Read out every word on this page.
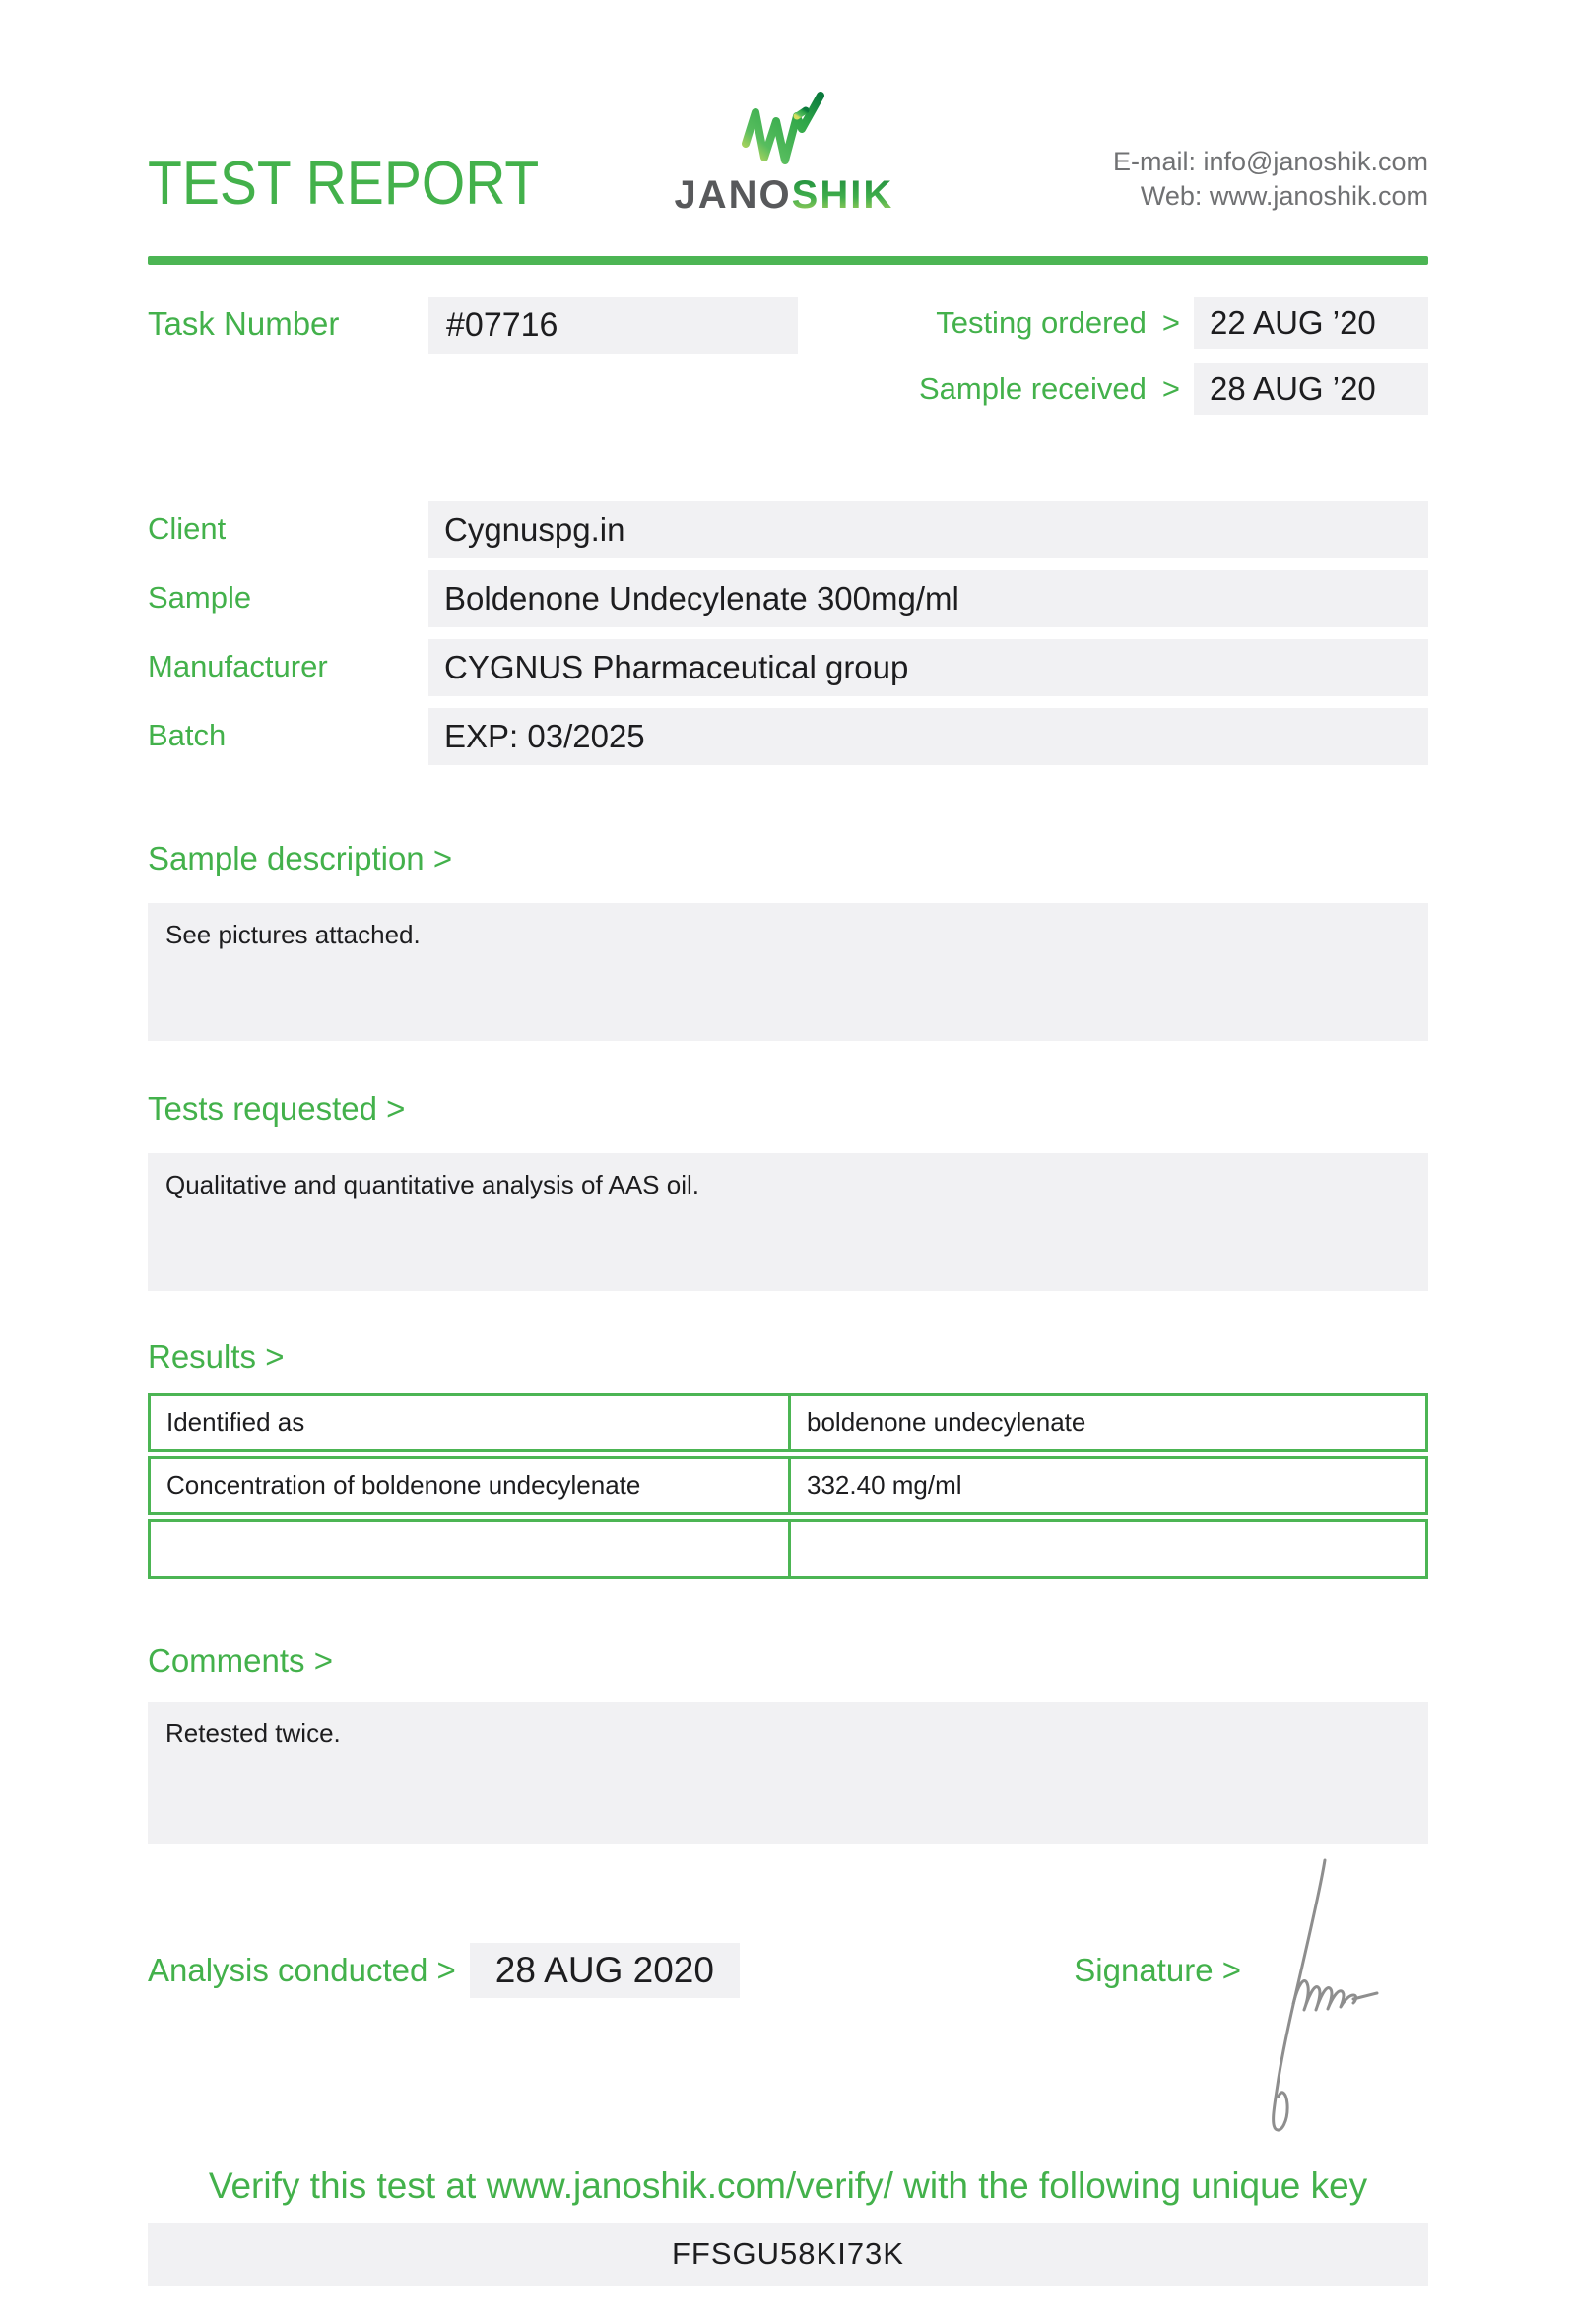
TEST REPORT	JANOSHIK
E-mail: info@janoshik.com
Web: www.janoshik.com
Task Number	#07716	Testing ordered > 22 AUG ’20
Sample received > 28 AUG ’20
Client	Cygnuspg.in
Sample	Boldenone Undecylenate 300mg/ml
Manufacturer	CYGNUS Pharmaceutical group
Batch	EXP: 03/2025
Sample description >
See pictures attached.
Tests requested >
Qualitative and quantitative analysis of AAS oil.
Results >
Identified as	boldenone undecylenate
Concentration of boldenone undecylenate	332.40 mg/ml

Comments >
Retested twice.
Analysis conducted >	28 AUG 2020	Signature >
Verify this test at www.janoshik.com/verify/ with the following unique key
FFSGU58KI73K
